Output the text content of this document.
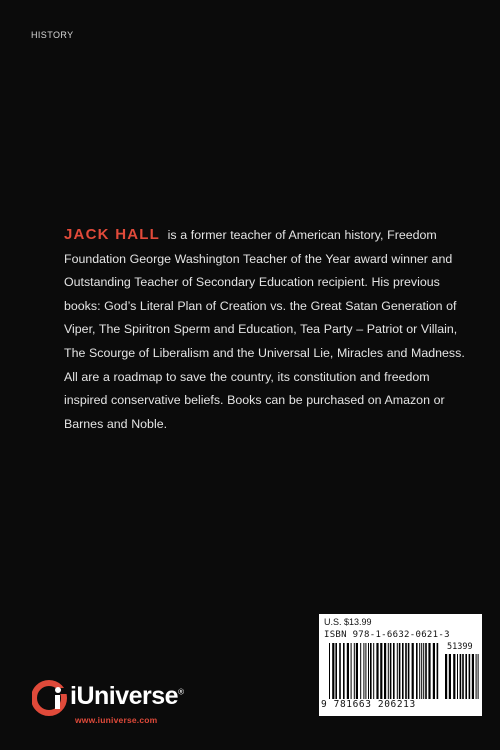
HISTORY
JACK HALL is a former teacher of American history, Freedom Foundation George Washington Teacher of the Year award winner and Outstanding Teacher of Secondary Education recipient. His previous books: God’s Literal Plan of Creation vs. the Great Satan Generation of Viper, The Spiritron Sperm and Education, Tea Party – Patriot or Villain, The Scourge of Liberalism and the Universal Lie, Miracles and Madness. All are a roadmap to save the country, its constitution and freedom inspired conservative beliefs. Books can be purchased on Amazon or Barnes and Noble.
U.S. $13.99
ISBN 978-1-6632-0621-3
51399
9 781663 206213
iUniverse®
www.iuniverse.com
